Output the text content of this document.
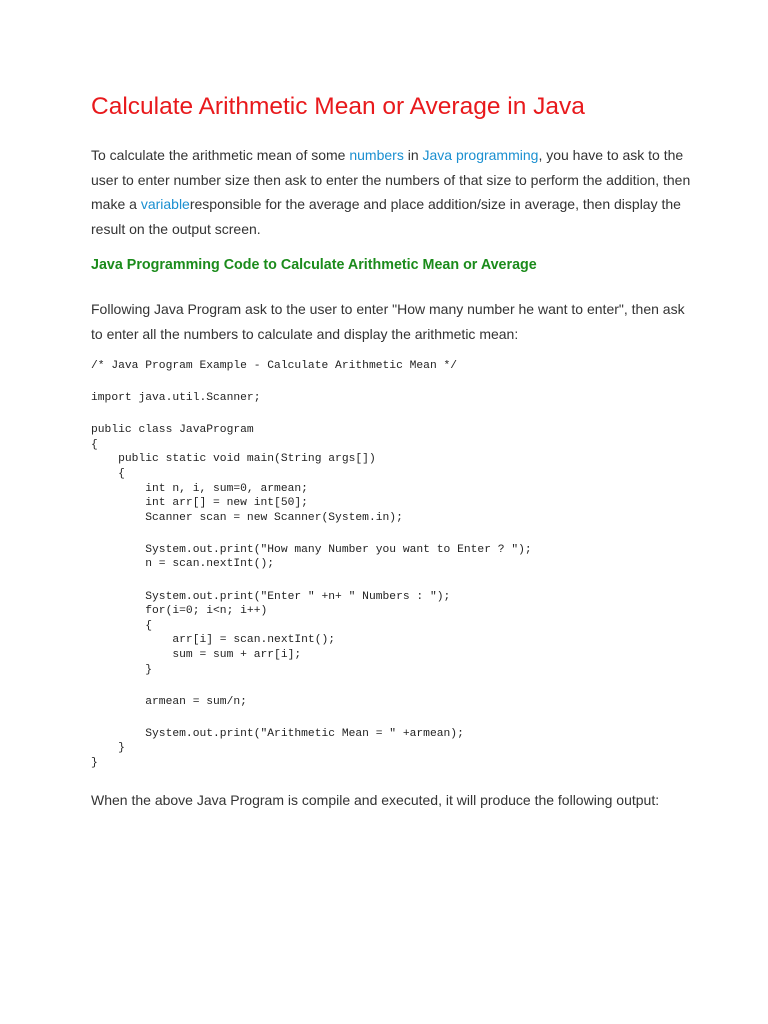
Calculate Arithmetic Mean or Average in Java

To calculate the arithmetic mean of some numbers in Java programming, you have to ask to the user to enter number size then ask to enter the numbers of that size to perform the addition, then make a variableresponsible for the average and place addition/size in average, then display the result on the output screen.

Java Programming Code to Calculate Arithmetic Mean or Average

Following Java Program ask to the user to enter "How many number he want to enter", then ask to enter all the numbers to calculate and display the arithmetic mean:

/* Java Program Example - Calculate Arithmetic Mean */
import java.util.Scanner;
public class JavaProgram
{
public static void main(String args[])
{
int n, i, sum=0, armean;
int arr[] = new int[50];
Scanner scan = new Scanner(System.in);
System.out.print("How many Number you want to Enter ? ");
n = scan.nextInt();
System.out.print("Enter " +n+ " Numbers : ");
for(i=0; i<n; i++)
{
arr[i] = scan.nextInt();
sum = sum + arr[i];
}
armean = sum/n;
System.out.print("Arithmetic Mean = " +armean);
}
}

When the above Java Program is compile and executed, it will produce the following output:
